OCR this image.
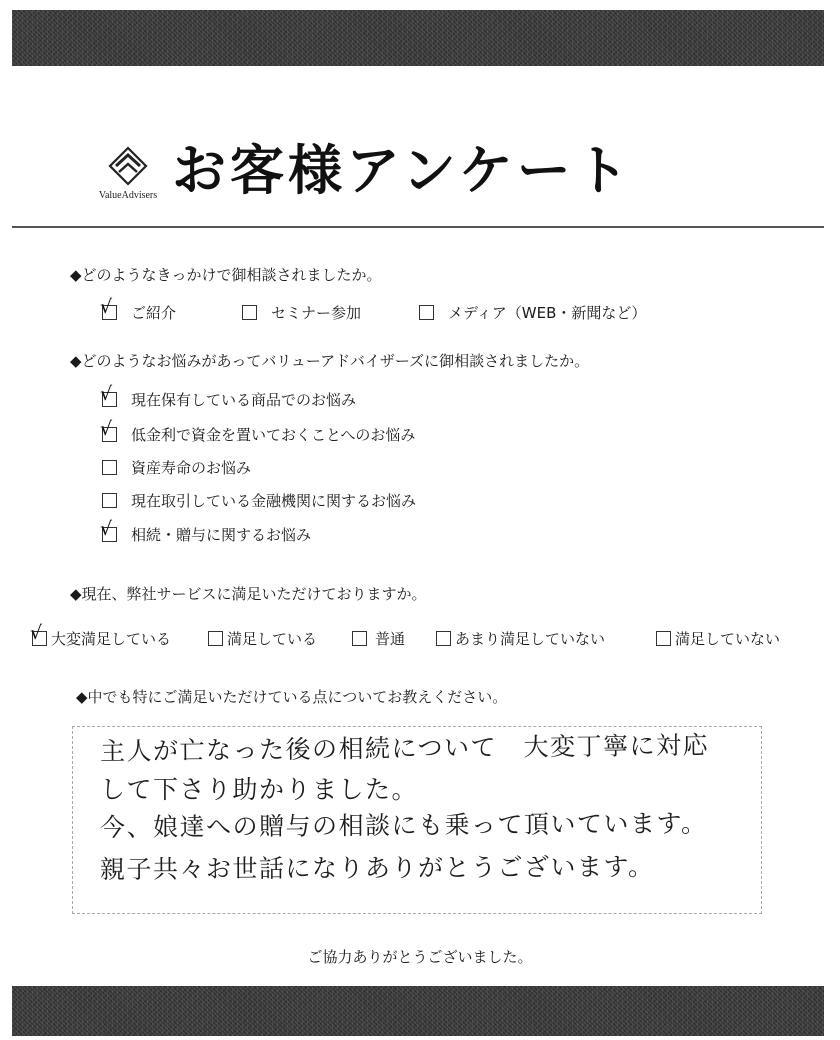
ValueAdvisers お客様アンケート
◆どのようなきっかけで御相談されましたか。
√ ご紹介	セミナー参加	メディア（WEB・新聞など）
◆どのようなお悩みがあってバリューアドバイザーズに御相談されましたか。
√ 現在保有している商品でのお悩み
√ 低金利で資金を置いておくことへのお悩み
資産寿命のお悩み
現在取引している金融機関に関するお悩み
√ 相続・贈与に関するお悩み
◆現在、弊社サービスに満足いただけておりますか。
√ 大変満足している	満足している	普通	あまり満足していない	満足していない
◆中でも特にご満足いただけている点についてお教えください。
主人が亡なった後の相続について　大変丁寧に対応
して下さり助かりました。
今、娘達への贈与の相談にも乗って頂いています。
親子共々お世話になりありがとうございます。
ご協力ありがとうございました。
